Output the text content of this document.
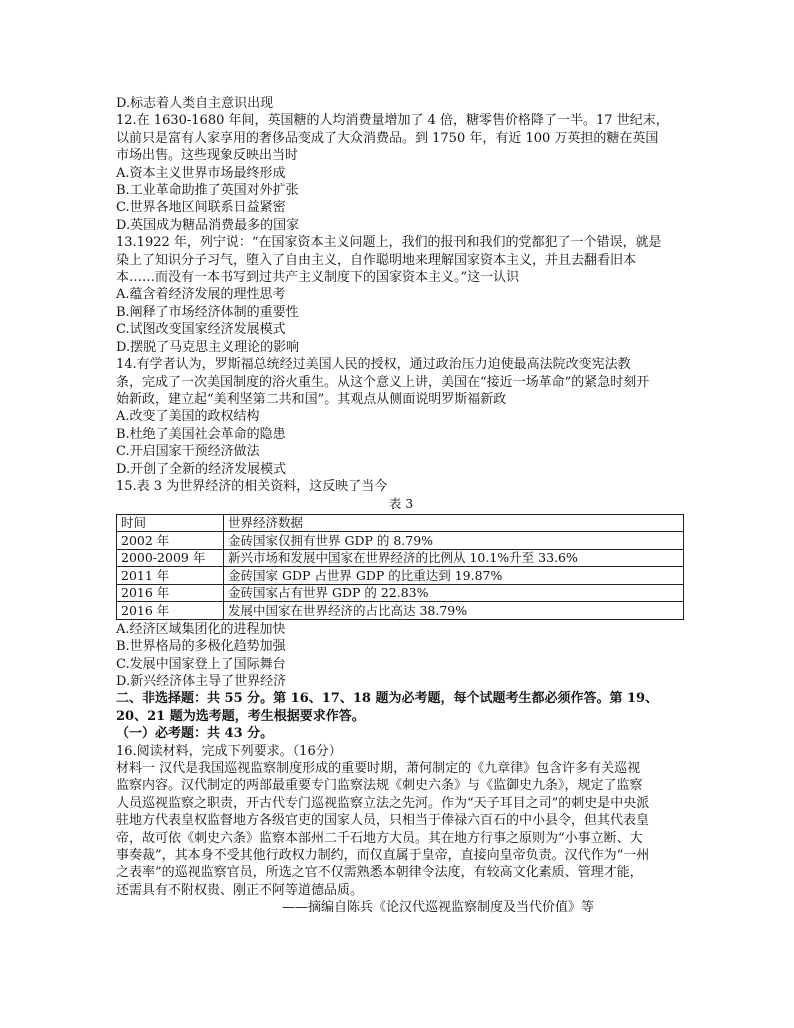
D.标志着人类自主意识出现

12.在 1630-1680 年间，英国糖的人均消费量增加了 4 倍，糖零售价格降了一半。17 世纪末，

以前只是富有人家享用的奢侈品变成了大众消费品。到 1750 年，有近 100 万英担的糖在英国

市场出售。这些现象反映出当时

A.资本主义世界市场最终形成

B.工业革命助推了英国对外扩张

C.世界各地区间联系日益紧密

D.英国成为糖品消费最多的国家

13.1922 年，列宁说：“在国家资本主义问题上，我们的报刊和我们的党都犯了一个错误，就是

染上了知识分子习气，堕入了自由主义，自作聪明地来理解国家资本主义，并且去翻看旧本

本……而没有一本书写到过共产主义制度下的国家资本主义。”这一认识

A.蕴含着经济发展的理性思考

B.阐释了市场经济体制的重要性

C.试图改变国家经济发展模式

D.摆脱了马克思主义理论的影响

14.有学者认为，罗斯福总统经过美国人民的授权，通过政治压力迫使最高法院改变宪法教

条，完成了一次美国制度的浴火重生。从这个意义上讲，美国在“接近一场革命”的紧急时刻开

始新政，建立起“美利坚第二共和国”。其观点从侧面说明罗斯福新政

A.改变了美国的政权结构

B.杜绝了美国社会革命的隐患

C.开启国家干预经济做法

D.开创了全新的经济发展模式

15.表 3 为世界经济的相关资料，这反映了当今

表 3

时间	世界经济数据
2002 年	金砖国家仅拥有世界 GDP 的 8.79%
2000-2009 年	新兴市场和发展中国家在世界经济的比例从 10.1%升至 33.6%
2011 年	金砖国家 GDP 占世界 GDP 的比重达到 19.87%
2016 年	金砖国家占有世界 GDP 的 22.83%
2016 年	发展中国家在世界经济的占比高达 38.79%

A.经济区域集团化的进程加快

B.世界格局的多极化趋势加强

C.发展中国家登上了国际舞台

D.新兴经济体主导了世界经济

二、非选择题：共 55 分。第 16、17、18 题为必考题，每个试题考生都必须作答。第 19、

20、21 题为选考题，考生根据要求作答。

（一）必考题：共 43 分。

16.阅读材料，完成下列要求。（16分）

材料一 汉代是我国巡视监察制度形成的重要时期，萧何制定的《九章律》包含许多有关巡视

监察内容。汉代制定的两部最重要专门监察法规《刺史六条》与《监御史九条》，规定了监察

人员巡视监察之职责，开古代专门巡视监察立法之先河。作为“天子耳目之司”的刺史是中央派

驻地方代表皇权监督地方各级官吏的国家人员，只相当于俸禄六百石的中小县令，但其代表皇

帝，故可依《刺史六条》监察本部州二千石地方大员。其在地方行事之原则为“小事立断、大

事奏裁”，其本身不受其他行政权力制约，而仅直属于皇帝，直接向皇帝负责。汉代作为“一州

之表率”的巡视监察官员，所选之官不仅需熟悉本朝律令法度，有较高文化素质、管理才能，

还需具有不附权贵、刚正不阿等道德品质。

——摘编自陈兵《论汉代巡视监察制度及当代价值》等
